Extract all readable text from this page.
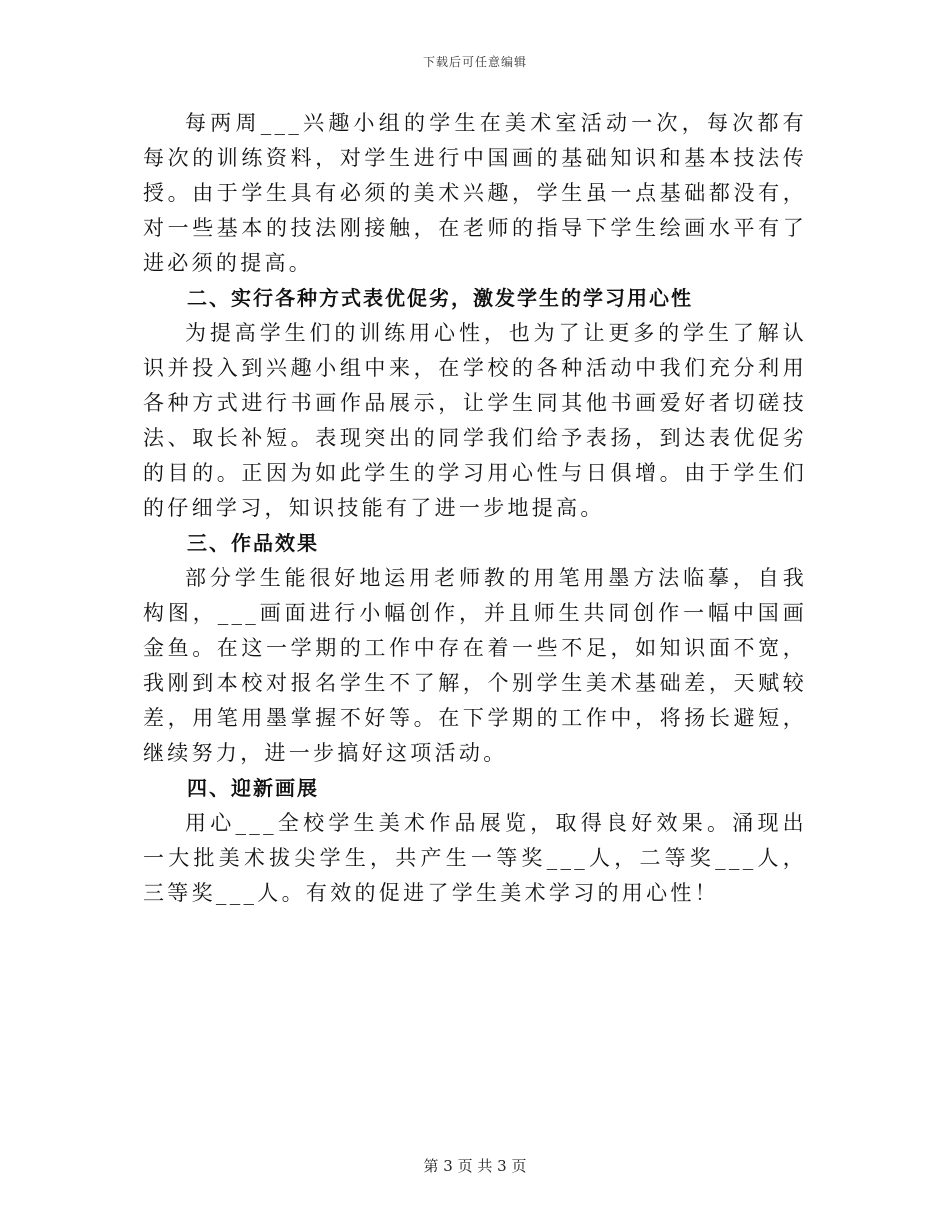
下载后可任意编辑

每两周___兴趣小组的学生在美术室活动一次，每次都有每次的训练资料，对学生进行中国画的基础知识和基本技法传授。由于学生具有必须的美术兴趣，学生虽一点基础都没有，对一些基本的技法刚接触，在老师的指导下学生绘画水平有了进必须的提高。

二、实行各种方式表优促劣，激发学生的学习用心性

为提高学生们的训练用心性，也为了让更多的学生了解认识并投入到兴趣小组中来，在学校的各种活动中我们充分利用各种方式进行书画作品展示，让学生同其他书画爱好者切磋技法、取长补短。表现突出的同学我们给予表扬，到达表优促劣的目的。正因为如此学生的学习用心性与日俱增。由于学生们的仔细学习，知识技能有了进一步地提高。

三、作品效果

部分学生能很好地运用老师教的用笔用墨方法临摹，自我构图，___画面进行小幅创作，并且师生共同创作一幅中国画金鱼。在这一学期的工作中存在着一些不足，如知识面不宽，我刚到本校对报名学生不了解，个别学生美术基础差，天赋较差，用笔用墨掌握不好等。在下学期的工作中，将扬长避短，继续努力，进一步搞好这项活动。

四、迎新画展

用心___全校学生美术作品展览，取得良好效果。涌现出一大批美术拔尖学生，共产生一等奖___人，二等奖___人，三等奖___人。有效的促进了学生美术学习的用心性！

第 3 页 共 3 页
